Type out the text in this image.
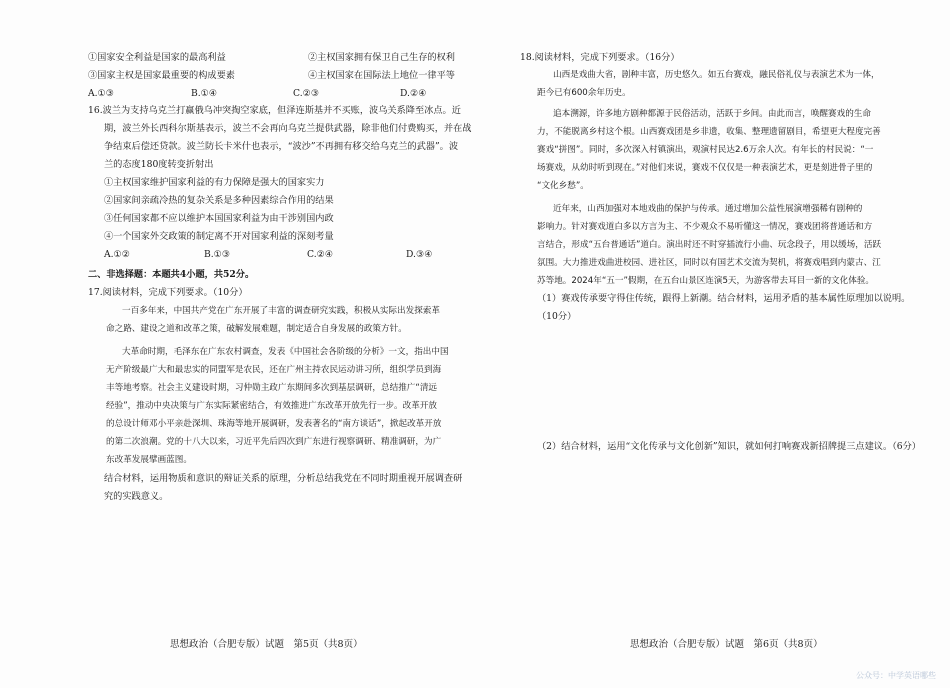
①国家安全利益是国家的最高利益	②主权国家拥有保卫自己生存的权利
③国家主权是国家最重要的构成要素	④主权国家在国际法上地位一律平等
A.①③	B.①④	C.②③	D.②④
16.波兰为支持乌克兰打赢俄乌冲突掏空家底，但泽连斯基并不买账，波乌关系降至冰点。近
期，波兰外长西科尔斯基表示，波兰不会再向乌克兰提供武器，除非他们付费购买，并在战
争结束后偿还贷款。波兰防长卡米什也表示，“波沙”不再拥有移交给乌克兰的武器”。波
兰的态度180度转变折射出
①主权国家维护国家利益的有力保障是强大的国家实力
②国家间亲疏冷热的复杂关系是多种因素综合作用的结果
③任何国家都不应以维护本国国家利益为由干涉别国内政
④一个国家外交政策的制定离不开对国家利益的深刻考量
A.①②	B.①③	C.②④	D.③④
二、非选择题：本题共4小题，共52分。
17.阅读材料，完成下列要求。（10分）
一百多年来，中国共产党在广东开展了丰富的调查研究实践，积极从实际出发探索革
命之路、建设之道和改革之策，破解发展难题，制定适合自身发展的政策方针。
大革命时期，毛泽东在广东农村调查，发表《中国社会各阶级的分析》一文，指出中国
无产阶级最广大和最忠实的同盟军是农民，还在广州主持农民运动讲习所，组织学员到海
丰等地考察。社会主义建设时期，习仲勋主政广东期间多次到基层调研，总结推广“清远
经验”，推动中央决策与广东实际紧密结合，有效推进广东改革开放先行一步。改革开放
的总设计师邓小平亲赴深圳、珠海等地开展调研，发表著名的“南方谈话”，掀起改革开放
的第二次浪潮。党的十八大以来，习近平先后四次到广东进行视察调研、精准调研，为广
东改革发展擘画蓝图。
结合材料，运用物质和意识的辩证关系的原理，分析总结我党在不同时期重视开展调查研
究的实践意义。
思想政治（合肥专版）试题　第5页（共8页）
18.阅读材料，完成下列要求。（16分）
山西是戏曲大省，剧种丰富，历史悠久。如五台赛戏，融民俗礼仪与表演艺术为一体，
距今已有600余年历史。
追本溯源，许多地方剧种都源于民俗活动，活跃于乡间。由此而言，唤醒赛戏的生命
力，不能脱离乡村这个根。山西赛戏团是乡非遗，收集、整理遗留剧目，希望更大程度完善
赛戏“拼图”。同时，多次深入村镇演出，观演村民达2.6万余人次。有年长的村民说：“一
场赛戏，从幼时听到现在。”对他们来说，赛戏不仅仅是一种表演艺术，更是刻进骨子里的
“文化乡愁”。
近年来，山西加强对本地戏曲的保护与传承。通过增加公益性展演增强稀有剧种的
影响力。针对赛戏道白多以方言为主、不少观众不易听懂这一情况，赛戏团将普通话和方
言结合，形成“五台普通话”道白。演出时还不时穿插流行小曲、玩念段子，用以缓场，活跃
氛围。大力推进戏曲进校园、进社区，同时以有国艺术交流为契机，将赛戏唱到内蒙古、江
苏等地。2024年“五一”假期，在五台山景区连演5天，为游客带去耳目一新的文化体验。
（1）赛戏传承要守得住传统，跟得上新潮。结合材料，运用矛盾的基本属性原理加以说明。
（10分）
（2）结合材料，运用“文化传承与文化创新”知识，就如何打响赛戏新招牌提三点建议。（6分）
思想政治（合肥专版）试题　第6页（共8页）
公众号：中学英语哪些
